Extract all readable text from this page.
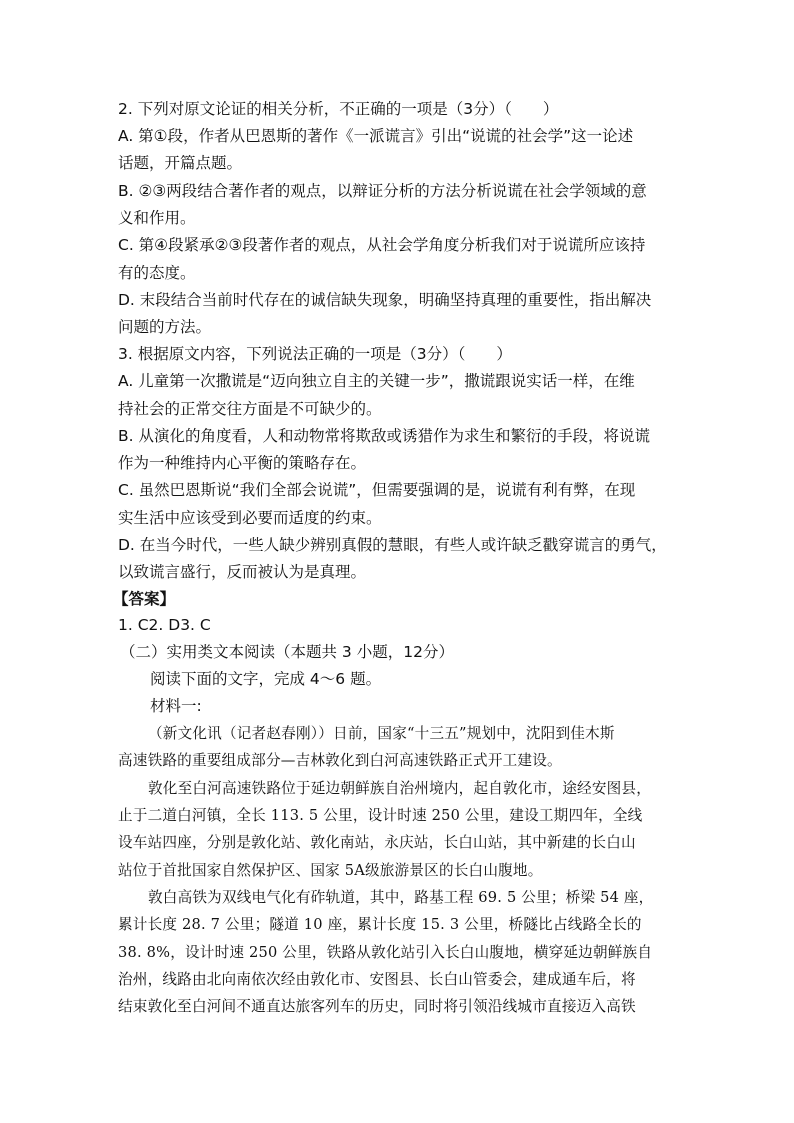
2. 下列对原文论证的相关分析，不正确的一项是（3分）（　　）
A. 第①段，作者从巴恩斯的著作《一派谎言》引出“说谎的社会学”这一论述
话题，开篇点题。
B. ②③两段结合著作者的观点，以辩证分析的方法分析说谎在社会学领域的意
义和作用。
C. 第④段紧承②③段著作者的观点，从社会学角度分析我们对于说谎所应该持
有的态度。
D. 末段结合当前时代存在的诚信缺失现象，明确坚持真理的重要性，指出解决
问题的方法。
3. 根据原文内容，下列说法正确的一项是（3分）（　　）
A. 儿童第一次撒谎是“迈向独立自主的关键一步”，撒谎跟说实话一样，在维
持社会的正常交往方面是不可缺少的。
B. 从演化的角度看，人和动物常将欺敌或诱猎作为求生和繁衍的手段，将说谎
作为一种维持内心平衡的策略存在。
C. 虽然巴恩斯说“我们全部会说谎”，但需要强调的是，说谎有利有弊，在现
实生活中应该受到必要而适度的约束。
D. 在当今时代，一些人缺少辨别真假的慧眼，有些人或许缺乏戳穿谎言的勇气，
以致谎言盛行，反而被认为是真理。
【答案】
1. C2. D3. C
（二）实用类文本阅读（本题共 3 小题，12分）
阅读下面的文字，完成 4～6 题。
材料一:
（新文化讯（记者赵春刚））日前，国家“十三五”规划中，沈阳到佳木斯
高速铁路的重要组成部分—吉林敦化到白河高速铁路正式开工建设。
敦化至白河高速铁路位于延边朝鲜族自治州境内，起自敦化市，途经安图县，
止于二道白河镇，全长 113. 5 公里，设计时速 250 公里，建设工期四年，全线
设车站四座，分别是敦化站、敦化南站，永庆站，长白山站，其中新建的长白山
站位于首批国家自然保护区、国家 5A级旅游景区的长白山腹地。
敦白高铁为双线电气化有砟轨道，其中，路基工程 69. 5 公里；桥梁 54 座，
累计长度 28. 7 公里；隧道 10 座，累计长度 15. 3 公里，桥隧比占线路全长的
38. 8%，设计时速 250 公里，铁路从敦化站引入长白山腹地，横穿延边朝鲜族自
治州，线路由北向南依次经由敦化市、安图县、长白山管委会，建成通车后，将
结束敦化至白河间不通直达旅客列车的历史，同时将引领沿线城市直接迈入高铁
